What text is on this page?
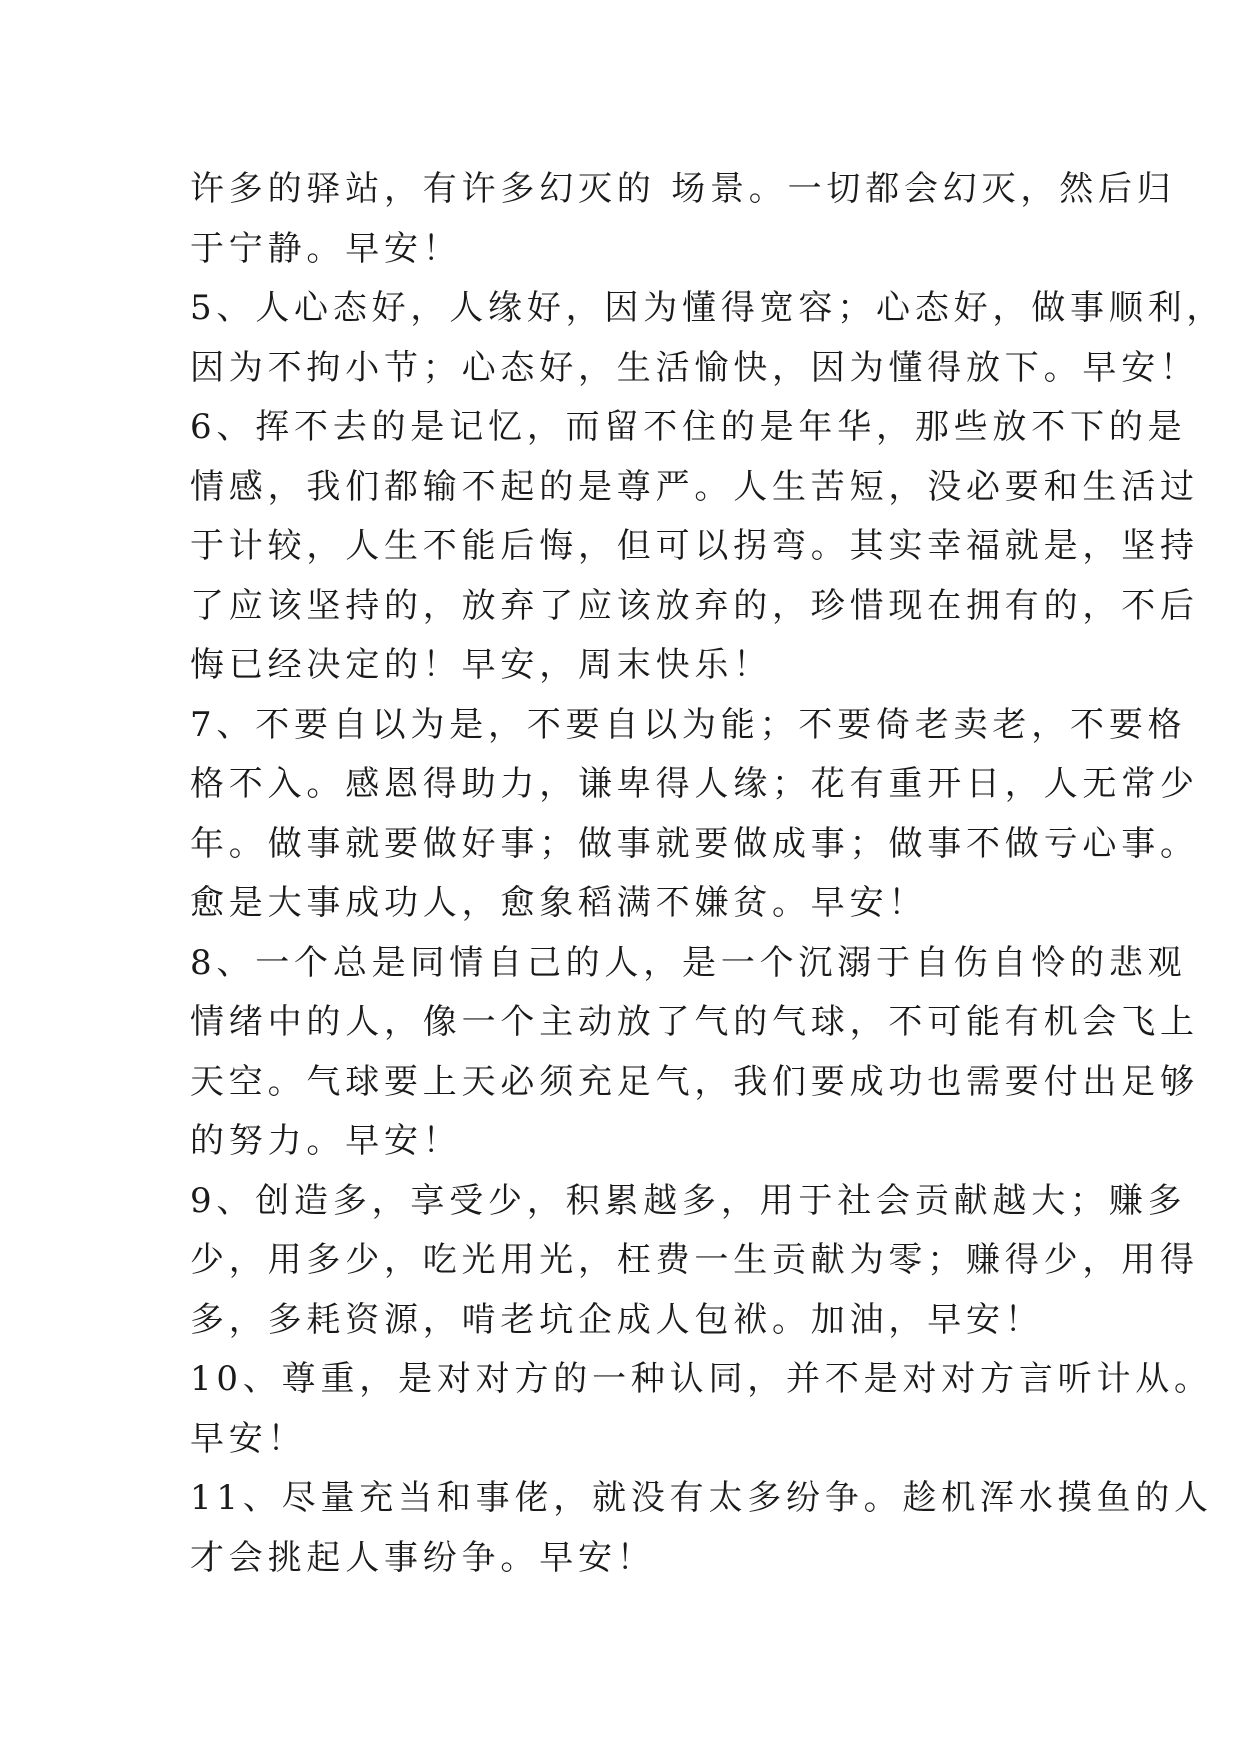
许多的驿站，有许多幻灭的 场景。一切都会幻灭，然后归
于宁静。早安！
5、人心态好，人缘好，因为懂得宽容；心态好，做事顺利，
因为不拘小节；心态好，生活愉快，因为懂得放下。早安！
6、挥不去的是记忆，而留不住的是年华，那些放不下的是
情感，我们都输不起的是尊严。人生苦短，没必要和生活过
于计较，人生不能后悔，但可以拐弯。其实幸福就是，坚持
了应该坚持的，放弃了应该放弃的，珍惜现在拥有的，不后
悔已经决定的！早安，周末快乐！
7、不要自以为是，不要自以为能；不要倚老卖老，不要格
格不入。感恩得助力，谦卑得人缘；花有重开日，人无常少
年。做事就要做好事；做事就要做成事；做事不做亏心事。
愈是大事成功人，愈象稻满不嫌贫。早安！
8、一个总是同情自己的人，是一个沉溺于自伤自怜的悲观
情绪中的人，像一个主动放了气的气球，不可能有机会飞上
天空。气球要上天必须充足气，我们要成功也需要付出足够
的努力。早安！
9、创造多，享受少，积累越多，用于社会贡献越大；赚多
少，用多少，吃光用光，枉费一生贡献为零；赚得少，用得
多，多耗资源，啃老坑企成人包袱。加油，早安！
10、尊重，是对对方的一种认同，并不是对对方言听计从。
早安！
11、尽量充当和事佬，就没有太多纷争。趁机浑水摸鱼的人
才会挑起人事纷争。早安！
